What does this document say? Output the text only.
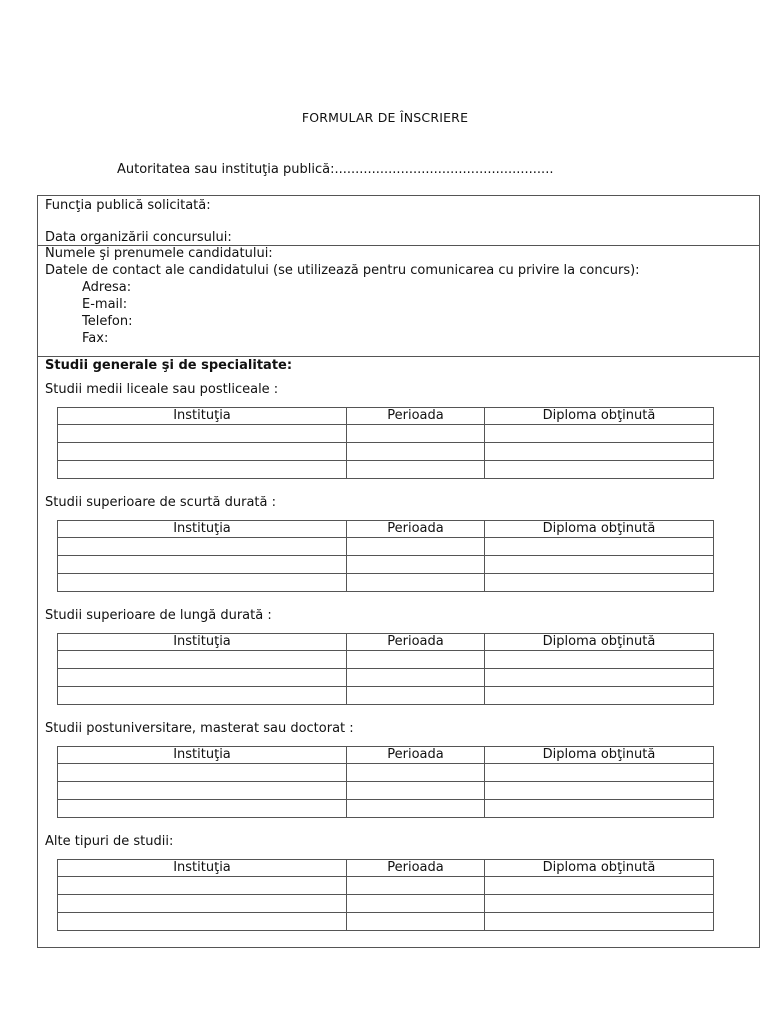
FORMULAR DE ÎNSCRIERE
Autoritatea sau instituţia publică:.....................................................
Funcţia publică solicitată:
Data organizării concursului:
Numele şi prenumele candidatului:
Datele de contact ale candidatului (se utilizează pentru comunicarea cu privire la concurs):
Adresa:
E-mail:
Telefon:
Fax:
Studii generale şi de specialitate:
Studii medii liceale sau postliceale :
Instituţia	Perioada	Diploma obţinută

Studii superioare de scurtă durată :
Instituţia	Perioada	Diploma obţinută

Studii superioare de lungă durată :
Instituţia	Perioada	Diploma obţinută

Studii postuniversitare, masterat sau doctorat :
Instituţia	Perioada	Diploma obţinută

Alte tipuri de studii:
Instituţia	Perioada	Diploma obţinută
